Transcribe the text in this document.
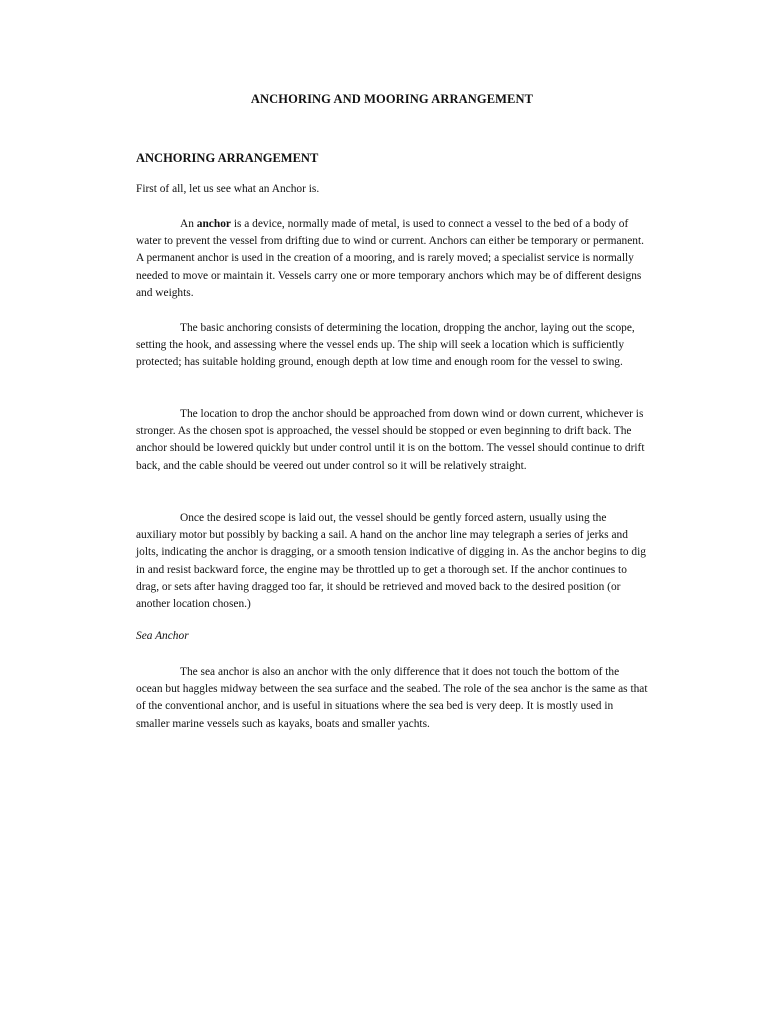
ANCHORING AND MOORING ARRANGEMENT
ANCHORING ARRANGEMENT

First of all, let us see what an Anchor is.

An anchor is a device, normally made of metal, is used to connect a vessel to the bed of a body of water to prevent the vessel from drifting due to wind or current. Anchors can either be temporary or permanent. A permanent anchor is used in the creation of a mooring, and is rarely moved; a specialist service is normally needed to move or maintain it. Vessels carry one or more temporary anchors which may be of different designs and weights.

The basic anchoring consists of determining the location, dropping the anchor, laying out the scope, setting the hook, and assessing where the vessel ends up. The ship will seek a location which is sufficiently protected; has suitable holding ground, enough depth at low time and enough room for the vessel to swing.

The location to drop the anchor should be approached from down wind or down current, whichever is stronger. As the chosen spot is approached, the vessel should be stopped or even beginning to drift back. The anchor should be lowered quickly but under control until it is on the bottom. The vessel should continue to drift back, and the cable should be veered out under control so it will be relatively straight.

Once the desired scope is laid out, the vessel should be gently forced astern, usually using the auxiliary motor but possibly by backing a sail. A hand on the anchor line may telegraph a series of jerks and jolts, indicating the anchor is dragging, or a smooth tension indicative of digging in. As the anchor begins to dig in and resist backward force, the engine may be throttled up to get a thorough set. If the anchor continues to drag, or sets after having dragged too far, it should be retrieved and moved back to the desired position (or another location chosen.)

Sea Anchor

The sea anchor is also an anchor with the only difference that it does not touch the bottom of the ocean but haggles midway between the sea surface and the seabed. The role of the sea anchor is the same as that of the conventional anchor, and is useful in situations where the sea bed is very deep. It is mostly used in smaller marine vessels such as kayaks, boats and smaller yachts.
